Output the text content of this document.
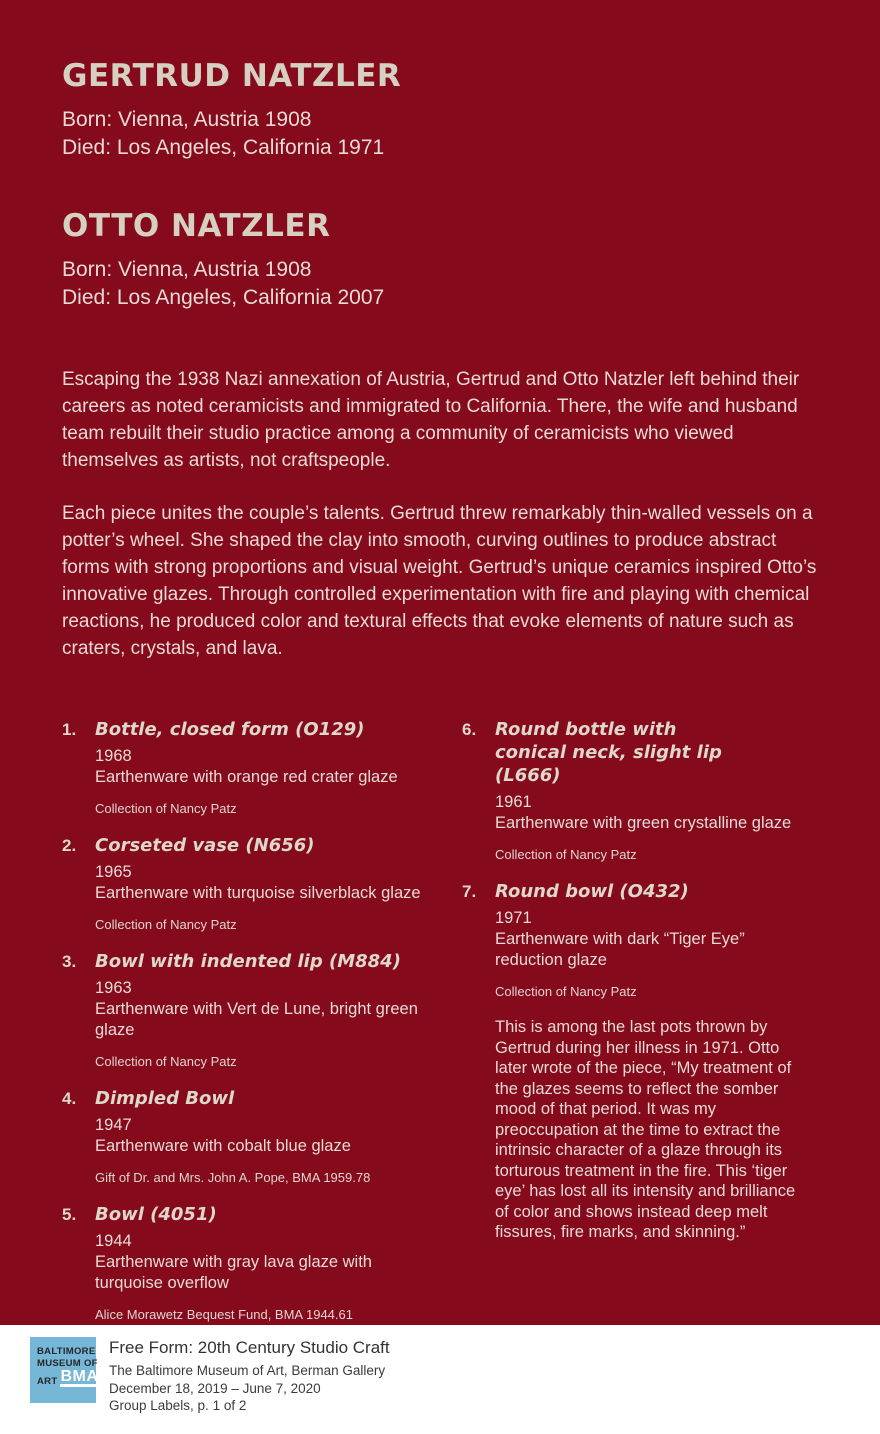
GERTRUD NATZLER

Born: Vienna, Austria 1908

Died: Los Angeles, California 1971

OTTO NATZLER

Born: Vienna, Austria 1908

Died: Los Angeles, California 2007

Escaping the 1938 Nazi annexation of Austria, Gertrud and Otto Natzler left behind their careers as noted ceramicists and immigrated to California. There, the wife and husband team rebuilt their studio practice among a community of ceramicists who viewed themselves as artists, not craftspeople.

Each piece unites the couple’s talents. Gertrud threw remarkably thin-walled vessels on a potter’s wheel. She shaped the clay into smooth, curving outlines to produce abstract forms with strong proportions and visual weight. Gertrud’s unique ceramics inspired Otto’s innovative glazes. Through controlled experimentation with fire and playing with chemical reactions, he produced color and textural effects that evoke elements of nature such as craters, crystals, and lava.

1.	Bottle, closed form (O129)
1968
Earthenware with orange red crater glaze
Collection of Nancy Patz
2.	Corseted vase (N656)
1965
Earthenware with turquoise silverblack glaze
Collection of Nancy Patz
3.	Bowl with indented lip (M884)
1963
Earthenware with Vert de Lune, bright green glaze
Collection of Nancy Patz
4.	Dimpled Bowl
1947
Earthenware with cobalt blue glaze
Gift of Dr. and Mrs. John A. Pope, BMA 1959.78
5.	Bowl (4051)
1944
Earthenware with gray lava glaze with turquoise overflow
Alice Morawetz Bequest Fund, BMA 1944.61
6.	Round bottle with conical neck, slight lip (L666)
1961
Earthenware with green crystalline glaze
Collection of Nancy Patz
7.	Round bowl (O432)
1971
Earthenware with dark “Tiger Eye” reduction glaze
Collection of Nancy Patz
This is among the last pots thrown by Gertrud during her illness in 1971. Otto later wrote of the piece, “My treatment of the glazes seems to reflect the somber mood of that period. It was my preoccupation at the time to extract the intrinsic character of a glaze through its torturous treatment in the fire. This ‘tiger eye’ has lost all its intensity and brilliance of color and shows instead deep melt fissures, fire marks, and skinning.”
BALTIMORE
MUSEUM OF
ART BMA

Free Form: 20th Century Studio Craft

The Baltimore Museum of Art, Berman Gallery

December 18, 2019 – June 7, 2020

Group Labels, p. 1 of 2
